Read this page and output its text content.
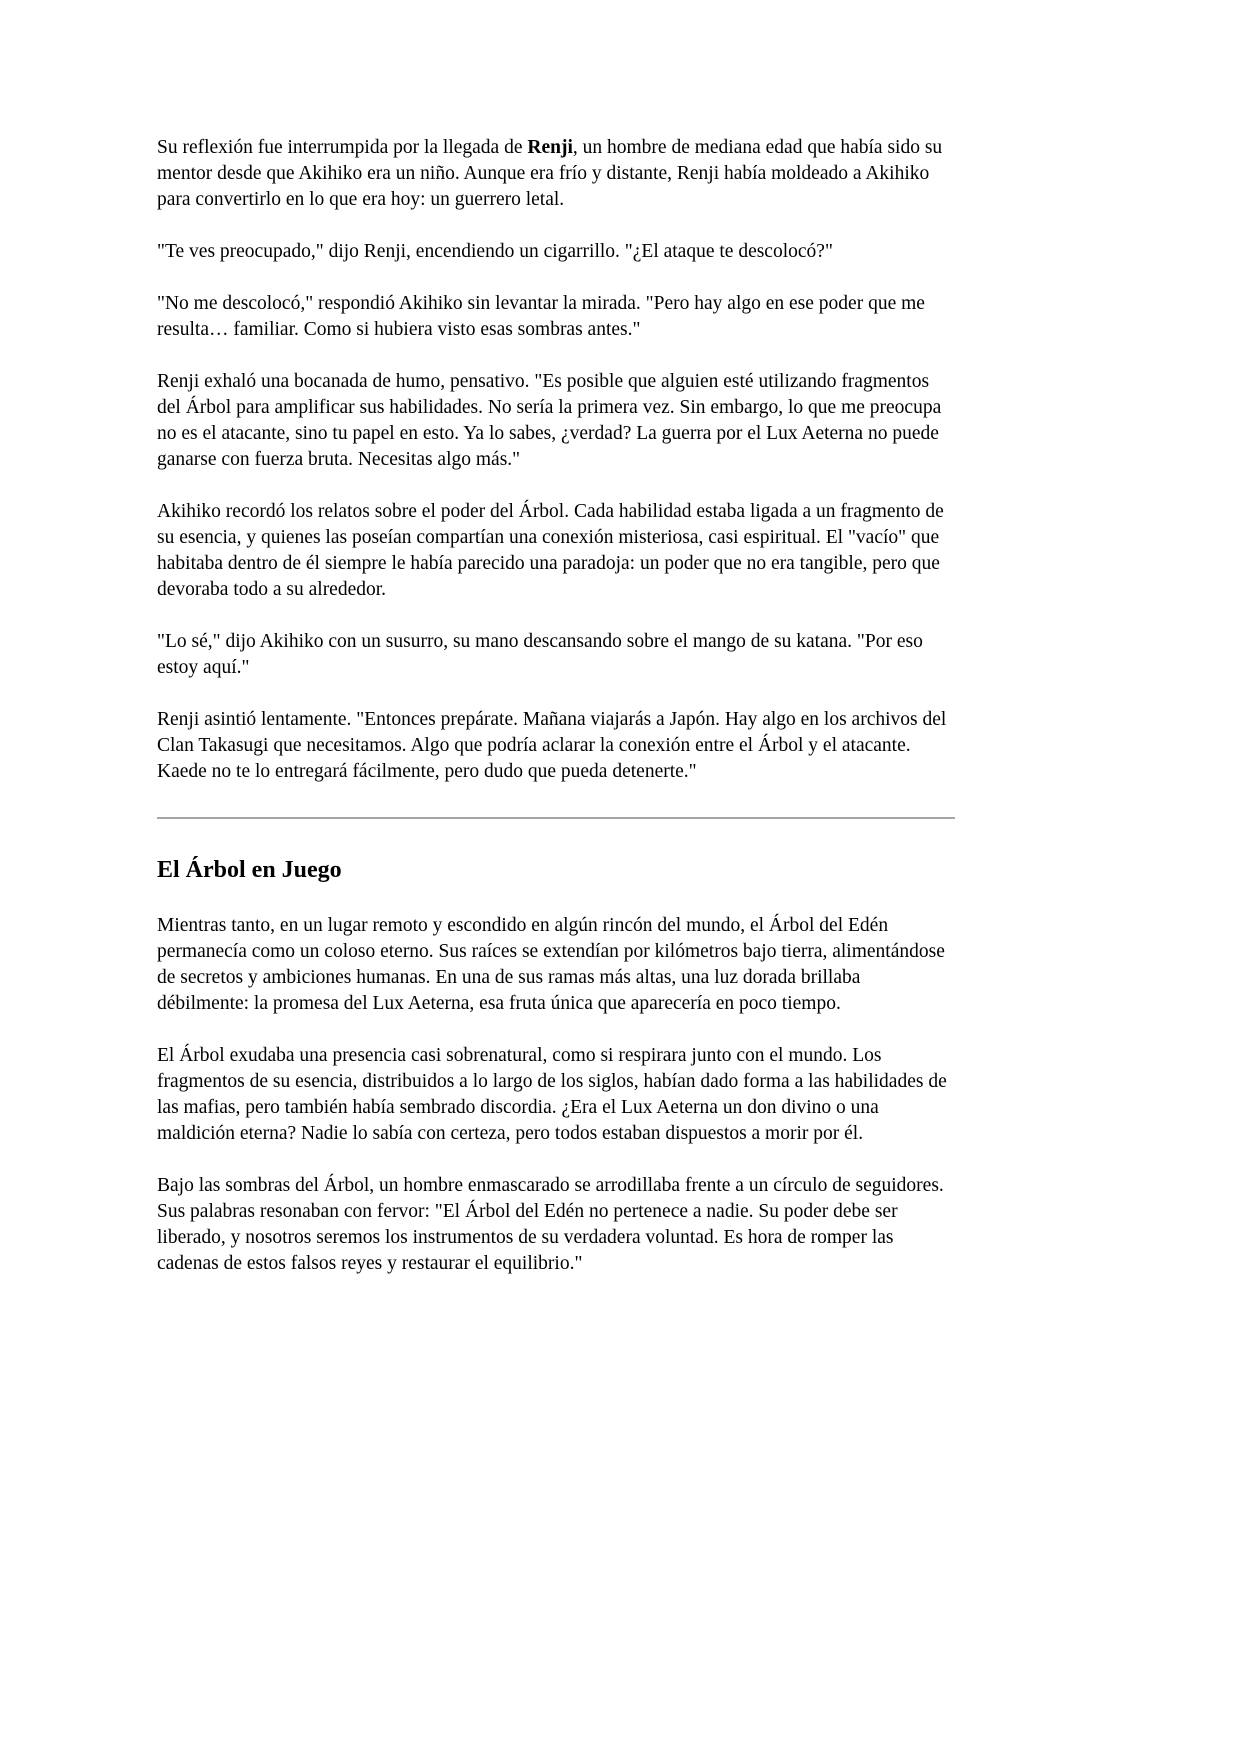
Su reflexión fue interrumpida por la llegada de Renji, un hombre de mediana edad que había sido su mentor desde que Akihiko era un niño. Aunque era frío y distante, Renji había moldeado a Akihiko para convertirlo en lo que era hoy: un guerrero letal.

"Te ves preocupado," dijo Renji, encendiendo un cigarrillo. "¿El ataque te descolocó?"

"No me descolocó," respondió Akihiko sin levantar la mirada. "Pero hay algo en ese poder que me resulta… familiar. Como si hubiera visto esas sombras antes."

Renji exhaló una bocanada de humo, pensativo. "Es posible que alguien esté utilizando fragmentos del Árbol para amplificar sus habilidades. No sería la primera vez. Sin embargo, lo que me preocupa no es el atacante, sino tu papel en esto. Ya lo sabes, ¿verdad? La guerra por el Lux Aeterna no puede ganarse con fuerza bruta. Necesitas algo más."

Akihiko recordó los relatos sobre el poder del Árbol. Cada habilidad estaba ligada a un fragmento de su esencia, y quienes las poseían compartían una conexión misteriosa, casi espiritual. El "vacío" que habitaba dentro de él siempre le había parecido una paradoja: un poder que no era tangible, pero que devoraba todo a su alrededor.

"Lo sé," dijo Akihiko con un susurro, su mano descansando sobre el mango de su katana. "Por eso estoy aquí."

Renji asintió lentamente. "Entonces prepárate. Mañana viajarás a Japón. Hay algo en los archivos del Clan Takasugi que necesitamos. Algo que podría aclarar la conexión entre el Árbol y el atacante. Kaede no te lo entregará fácilmente, pero dudo que pueda detenerte."

El Árbol en Juego

Mientras tanto, en un lugar remoto y escondido en algún rincón del mundo, el Árbol del Edén permanecía como un coloso eterno. Sus raíces se extendían por kilómetros bajo tierra, alimentándose de secretos y ambiciones humanas. En una de sus ramas más altas, una luz dorada brillaba débilmente: la promesa del Lux Aeterna, esa fruta única que aparecería en poco tiempo.

El Árbol exudaba una presencia casi sobrenatural, como si respirara junto con el mundo. Los fragmentos de su esencia, distribuidos a lo largo de los siglos, habían dado forma a las habilidades de las mafias, pero también había sembrado discordia. ¿Era el Lux Aeterna un don divino o una maldición eterna? Nadie lo sabía con certeza, pero todos estaban dispuestos a morir por él.

Bajo las sombras del Árbol, un hombre enmascarado se arrodillaba frente a un círculo de seguidores. Sus palabras resonaban con fervor: "El Árbol del Edén no pertenece a nadie. Su poder debe ser liberado, y nosotros seremos los instrumentos de su verdadera voluntad. Es hora de romper las cadenas de estos falsos reyes y restaurar el equilibrio."
